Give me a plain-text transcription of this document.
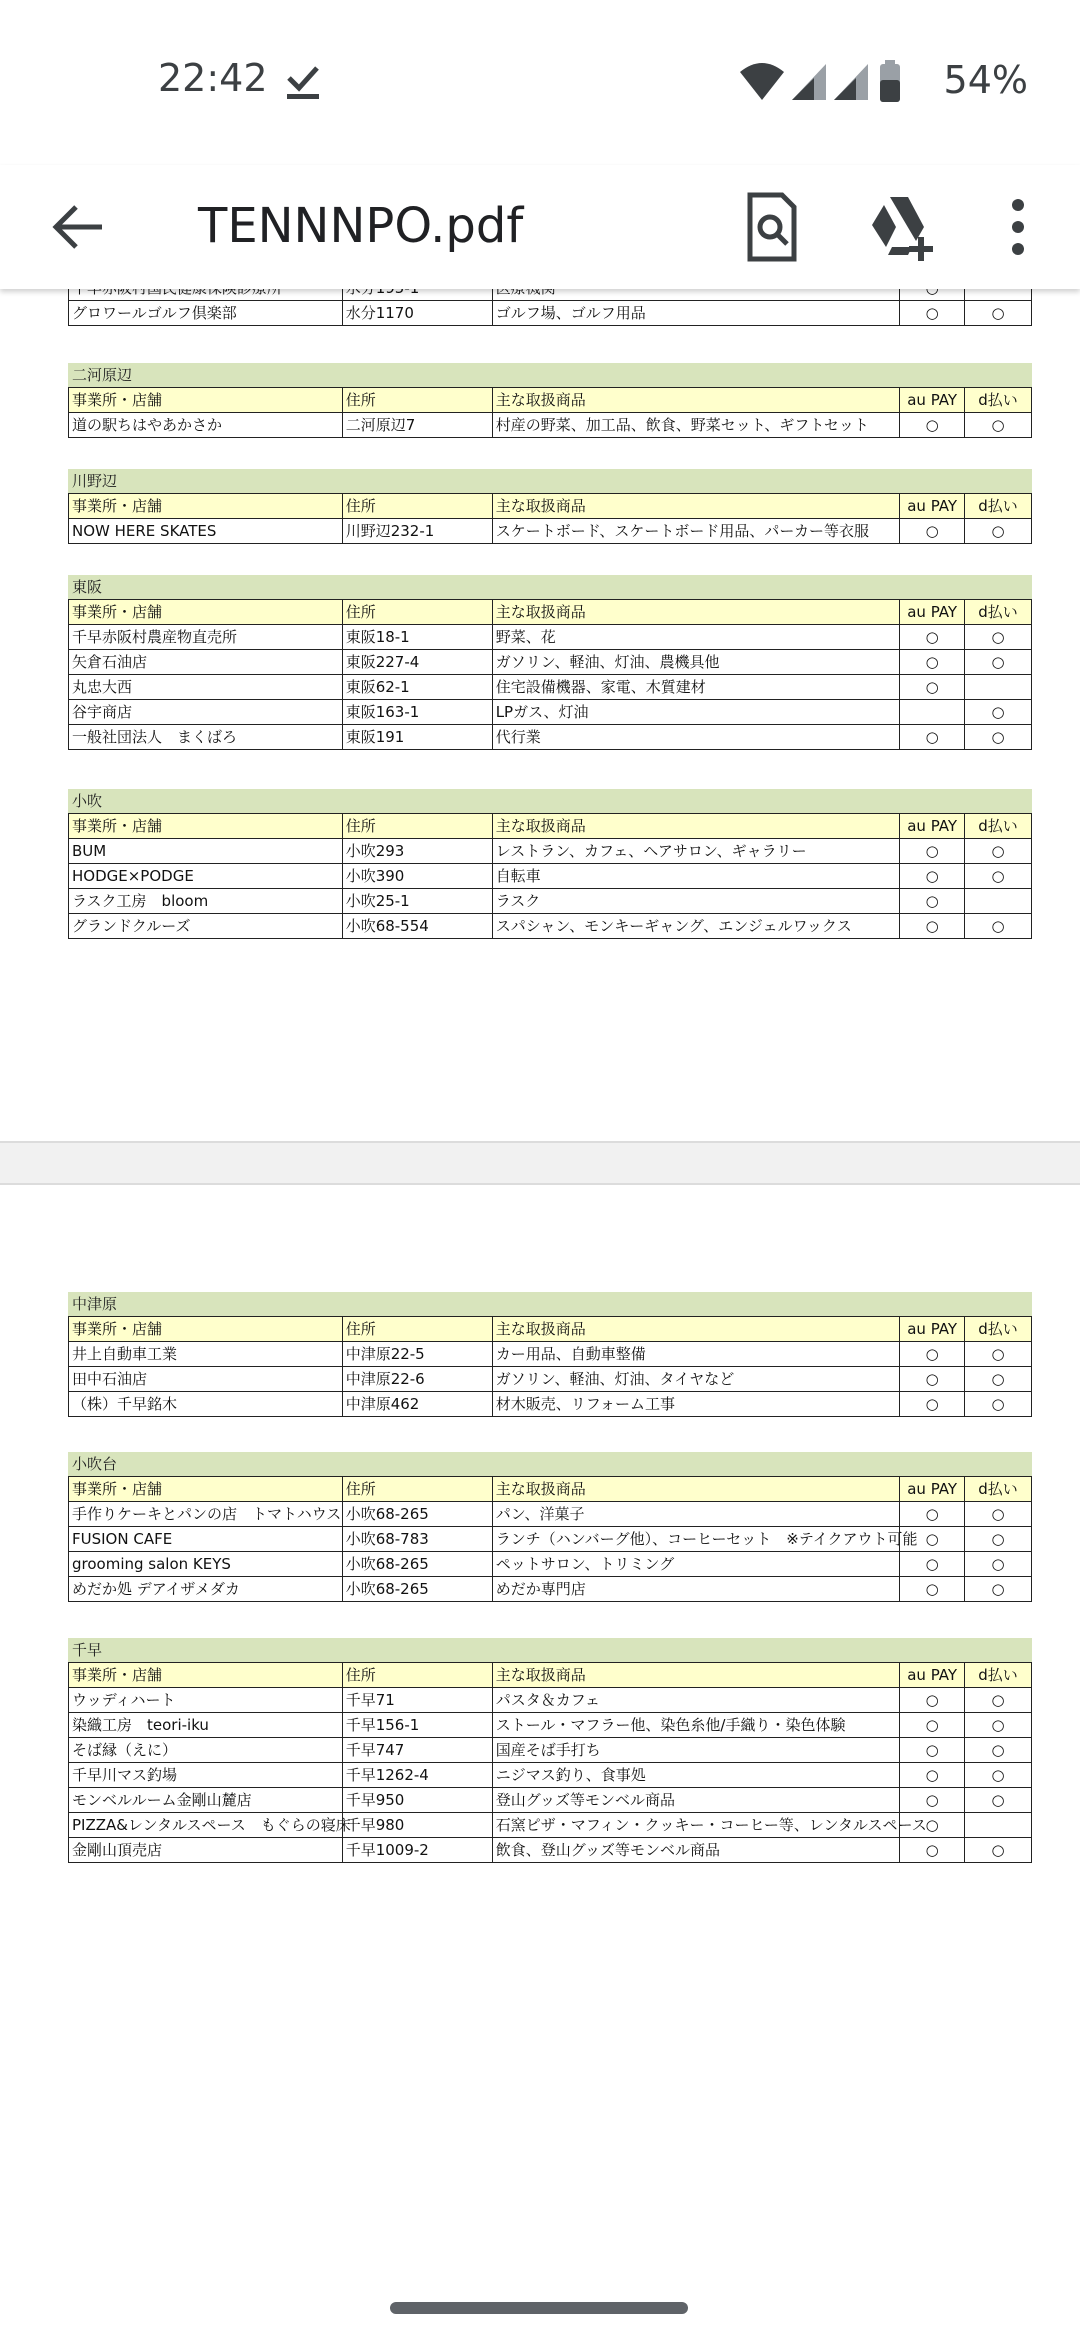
22:42	54%
TENNNPO.pdf

グロワールゴルフ倶楽部	水分1170	ゴルフ場、ゴルフ用品	○	○
二河原辺
事業所・店舗	住所	主な取扱商品	au PAY	d払い
道の駅ちはやあかさか	二河原辺7	村産の野菜、加工品、飲食、野菜セット、ギフトセット	○	○
川野辺
事業所・店舗	住所	主な取扱商品	au PAY	d払い
NOW HERE SKATES	川野辺232-1	スケートボード、スケートボード用品、パーカー等衣服	○	○
東阪
事業所・店舗	住所	主な取扱商品	au PAY	d払い
千早赤阪村農産物直売所	東阪18-1	野菜、花	○	○
矢倉石油店	東阪227-4	ガソリン、軽油、灯油、農機具他	○	○
丸忠大西	東阪62-1	住宅設備機器、家電、木質建材	○	
谷宇商店	東阪163-1	LPガス、灯油		○
一般社団法人　まくばろ	東阪191	代行業	○	○
小吹
事業所・店舗	住所	主な取扱商品	au PAY	d払い
BUM	小吹293	レストラン、カフェ、ヘアサロン、ギャラリー	○	○
HODGE×PODGE	小吹390	自転車	○	○
ラスク工房　bloom	小吹25-1	ラスク	○	
グランドクルーズ	小吹68-554	スパシャン、モンキーギャング、エンジェルワックス	○	○
中津原
事業所・店舗	住所	主な取扱商品	au PAY	d払い
井上自動車工業	中津原22-5	カー用品、自動車整備	○	○
田中石油店	中津原22-6	ガソリン、軽油、灯油、タイヤなど	○	○
（株）千早銘木	中津原462	材木販売、リフォーム工事	○	○
小吹台
事業所・店舗	住所	主な取扱商品	au PAY	d払い
手作りケーキとパンの店　トマトハウス	小吹68-265	パン、洋菓子	○	○
FUSION CAFE	小吹68-783	ランチ（ハンバーグ他）、コーヒーセット　※テイクアウト可能	○	○
grooming salon KEYS	小吹68-265	ペットサロン、トリミング	○	○
めだか処 デアイザメダカ	小吹68-265	めだか専門店	○	○
千早
事業所・店舗	住所	主な取扱商品	au PAY	d払い
ウッディハート	千早71	パスタ＆カフェ	○	○
染織工房　teori-iku	千早156-1	ストール・マフラー他、染色糸他/手織り・染色体験	○	○
そば縁（えに）	千早747	国産そば手打ち	○	○
千早川マス釣場	千早1262-4	ニジマス釣り、食事処	○	○
モンベルルーム金剛山麓店	千早950	登山グッズ等モンベル商品	○	○
PIZZA&レンタルスペース　もぐらの寝床	千早980	石窯ピザ・マフィン・クッキー・コーヒー等、レンタルスペース	○	
金剛山頂売店	千早1009-2	飲食、登山グッズ等モンベル商品	○	○
